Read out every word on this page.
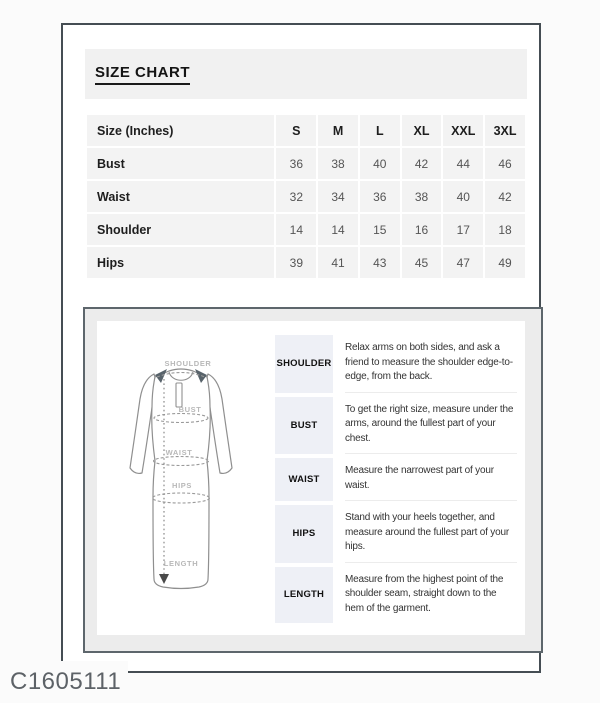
SIZE CHART
Size (Inches)	S	M	L	XL	XXL	3XL
Bust	36	38	40	42	44	46
Waist	32	34	36	38	40	42
Shoulder	14	14	15	16	17	18
Hips	39	41	43	45	47	49
SHOULDER
BUST
WAIST
HIPS
LENGTH
SHOULDER
Relax arms on both sides, and ask a friend to measure the shoulder edge-to-edge, from the back.
BUST
To get the right size, measure under the arms, around the fullest part of your chest.
WAIST
Measure the narrowest part of your waist.
HIPS
Stand with your heels together, and measure around the fullest part of your hips.
LENGTH
Measure from the highest point of the shoulder seam, straight down to the hem of the garment.
C1605111
